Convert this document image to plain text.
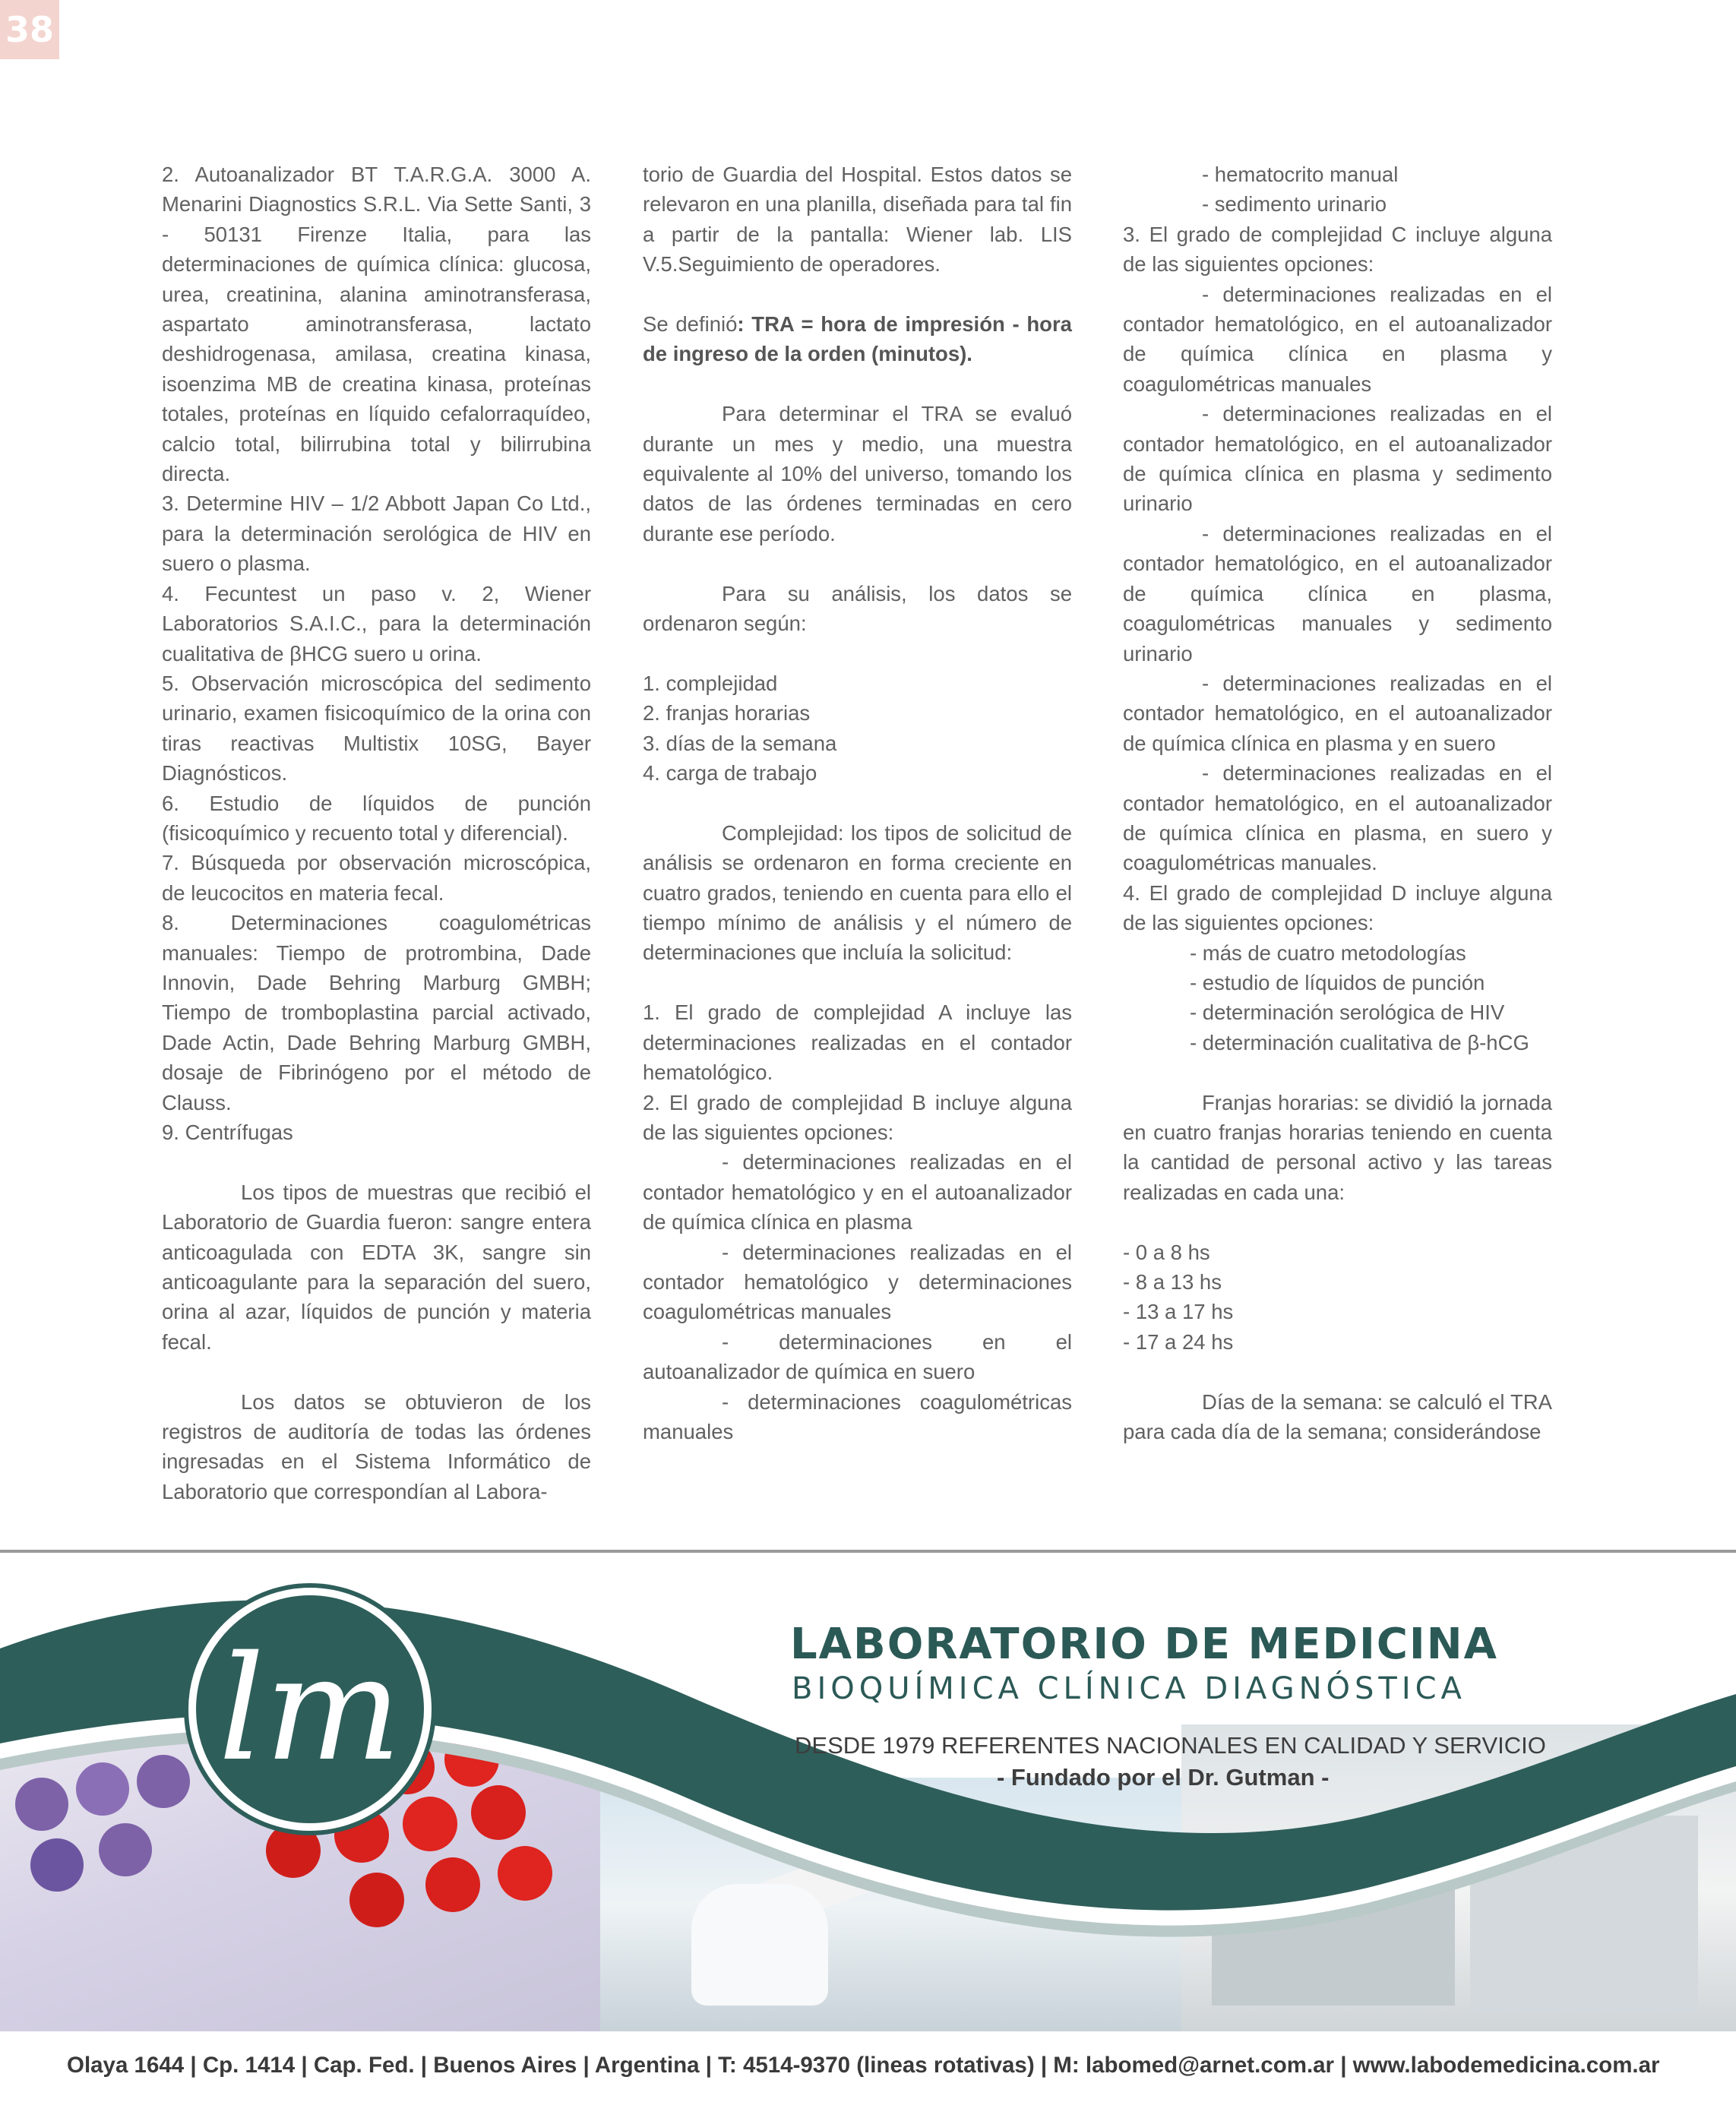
38

2. Autoanalizador BT T.A.R.G.A. 3000 A. Menarini Diagnostics S.R.L. Via Sette Santi, 3 - 50131 Firenze Italia, para las determinaciones de química clínica: glucosa, urea, creatinina, alanina aminotransferasa, aspartato aminotransferasa, lactato deshidrogenasa, amilasa, creatina kinasa, isoenzima MB de creatina kinasa, proteínas totales, proteínas en líquido cefalorraquídeo, calcio total, bilirrubina total y bilirrubina directa.

3. Determine HIV – 1/2 Abbott Japan Co Ltd., para la determinación serológica de HIV en suero o plasma.

4. Fecuntest un paso v. 2, Wiener Laboratorios S.A.I.C., para la determinación cualitativa de βHCG suero u orina.

5. Observación microscópica del sedimento urinario, examen fisicoquímico de la orina con tiras reactivas Multistix 10SG, Bayer Diagnósticos.

6. Estudio de líquidos de punción (fisicoquímico y recuento total y diferencial).

7. Búsqueda por observación microscópica, de leucocitos en materia fecal.

8. Determinaciones coagulométricas manuales: Tiempo de protrombina, Dade Innovin, Dade Behring Marburg GMBH; Tiempo de tromboplastina parcial activado, Dade Actin, Dade Behring Marburg GMBH, dosaje de Fibrinógeno por el método de Clauss.

9. Centrífugas

Los tipos de muestras que recibió el Laboratorio de Guardia fueron: sangre entera anticoagulada con EDTA 3K, sangre sin anticoagulante para la separación del suero, orina al azar, líquidos de punción y materia fecal.

Los datos se obtuvieron de los registros de auditoría de todas las órdenes ingresadas en el Sistema Informático de Laboratorio que correspondían al Labora-

torio de Guardia del Hospital. Estos datos se relevaron en una planilla, diseñada para tal fin a partir de la pantalla: Wiener lab. LIS V.5.Seguimiento de operadores.

Se definió: TRA = hora de impresión - hora de ingreso de la orden (minutos).

Para determinar el TRA se evaluó durante un mes y medio, una muestra equivalente al 10% del universo, tomando los datos de las órdenes terminadas en cero durante ese período.

Para su análisis, los datos se ordenaron según:

1. complejidad

2. franjas horarias

3. días de la semana

4. carga de trabajo

Complejidad: los tipos de solicitud de análisis se ordenaron en forma creciente en cuatro grados, teniendo en cuenta para ello el tiempo mínimo de análisis y el número de determinaciones que incluía la solicitud:

1. El grado de complejidad A incluye las determinaciones realizadas en el contador hematológico.

2. El grado de complejidad B incluye alguna de las siguientes opciones:

- determinaciones realizadas en el contador hematológico y en el autoanalizador de química clínica en plasma

- determinaciones realizadas en el contador hematológico y determinaciones coagulométricas manuales

- determinaciones en el autoanalizador de química en suero

- determinaciones coagulométricas manuales

- hematocrito manual

- sedimento urinario

3. El grado de complejidad C incluye alguna de las siguientes opciones:

- determinaciones realizadas en el contador hematológico, en el autoanalizador de química clínica en plasma y coagulométricas manuales

- determinaciones realizadas en el contador hematológico, en el autoanalizador de química clínica en plasma y sedimento urinario

- determinaciones realizadas en el contador hematológico, en el autoanalizador de química clínica en plasma, coagulométricas manuales y sedimento urinario

- determinaciones realizadas en el contador hematológico, en el autoanalizador de química clínica en plasma y en suero

- determinaciones realizadas en el contador hematológico, en el autoanalizador de química clínica en plasma, en suero y coagulométricas manuales.

4. El grado de complejidad D incluye alguna de las siguientes opciones:

- más de cuatro metodologías

- estudio de líquidos de punción

- determinación serológica de HIV

- determinación cualitativa de β-hCG

Franjas horarias: se dividió la jornada en cuatro franjas horarias teniendo en cuenta la cantidad de personal activo y las tareas realizadas en cada una:

- 0 a 8 hs

- 8 a 13 hs

- 13 a 17 hs

- 17 a 24 hs

Días de la semana: se calculó el TRA para cada día de la semana; considerándose

lm	LABORATORIO DE MEDICINA
BIOQUÍMICA CLÍNICA DIAGNÓSTICA
DESDE 1979 REFERENTES NACIONALES EN CALIDAD Y SERVICIO
- Fundado por el Dr. Gutman -
Olaya 1644 | Cp. 1414 | Cap. Fed. | Buenos Aires | Argentina | T: 4514-9370 (lineas rotativas) | M: labomed@arnet.com.ar | www.labodemedicina.com.ar
